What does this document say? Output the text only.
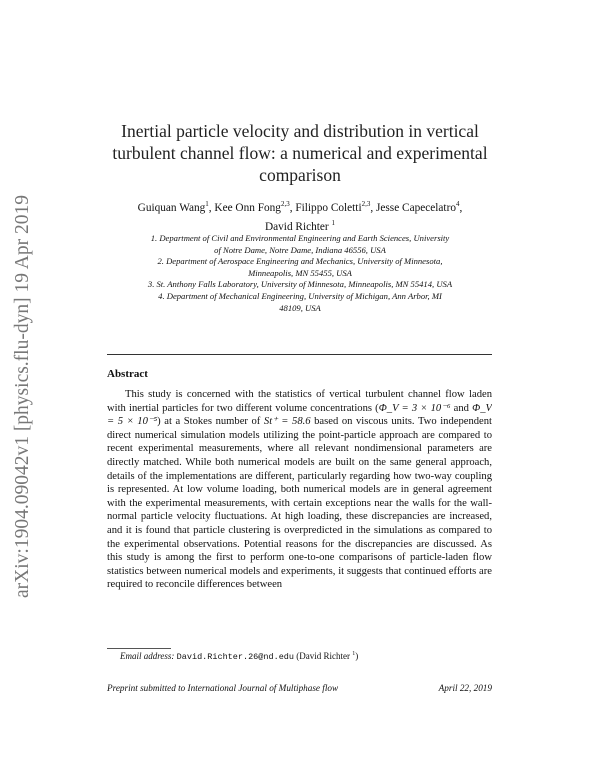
arXiv:1904.09042v1 [physics.flu-dyn] 19 Apr 2019
Inertial particle velocity and distribution in vertical
turbulent channel flow: a numerical and experimental
comparison
Guiquan Wang$^1$, Kee Onn Fong$^{2,3}$, Filippo Coletti$^{2,3}$, Jesse Capecelatro$^4$,
David Richter $^1$
1. Department of Civil and Environmental Engineering and Earth Sciences, University
of Notre Dame, Notre Dame, Indiana 46556, USA
2. Department of Aerospace Engineering and Mechanics, University of Minnesota,
Minneapolis, MN 55455, USA
3. St. Anthony Falls Laboratory, University of Minnesota, Minneapolis, MN 55414, USA
4. Department of Mechanical Engineering, University of Michigan, Ann Arbor, MI
48109, USA
Abstract
This study is concerned with the statistics of vertical turbulent channel flow laden with inertial particles for two different volume concentrations (Φ_V = 3 × 10⁻⁶ and Φ_V = 5 × 10⁻⁵) at a Stokes number of St⁺ = 58.6 based on viscous units. Two independent direct numerical simulation models utilizing the point-particle approach are compared to recent experimental measurements, where all relevant nondimensional parameters are directly matched. While both numerical models are built on the same general approach, details of the implementations are different, particularly regarding how two-way coupling is represented. At low volume loading, both numerical models are in general agreement with the experimental measurements, with certain exceptions near the walls for the wall-normal particle velocity fluctuations. At high loading, these discrepancies are increased, and it is found that particle clustering is overpredicted in the simulations as compared to the experimental observations. Potential reasons for the discrepancies are discussed. As this study is among the first to perform one-to-one comparisons of particle-laden flow statistics between numerical models and experiments, it suggests that continued efforts are required to reconcile differences between
Email address: David.Richter.26@nd.edu (David Richter $^1$)
Preprint submitted to International Journal of Multiphase flow	April 22, 2019
